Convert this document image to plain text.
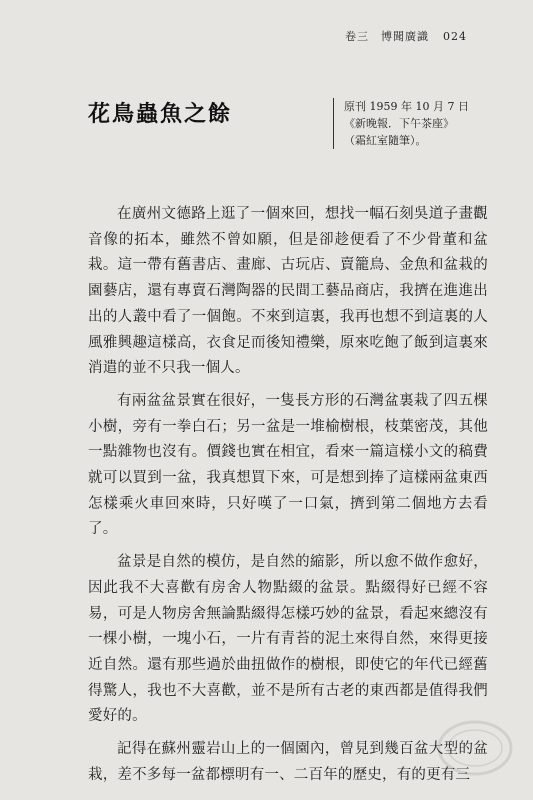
卷三　博聞廣識 024
花鳥蟲魚之餘	原刊 1959 年 10 月 7 日
《新晚報．下午茶座》
（霜紅室隨筆）。

在廣州文德路上逛了一個來回，想找一幅石刻吳道子畫觀音像的拓本，雖然不曾如願，但是卻趁便看了不少骨董和盆栽。這一帶有舊書店、畫廊、古玩店、賣籠鳥、金魚和盆栽的園藝店，還有專賣石灣陶器的民間工藝品商店，我擠在進進出出的人叢中看了一個飽。不來到這裏，我再也想不到這裏的人風雅興趣這樣高，衣食足而後知禮樂，原來吃飽了飯到這裏來消遣的並不只我一個人。

有兩盆盆景實在很好，一隻長方形的石灣盆裏栽了四五棵小樹，旁有一拳白石；另一盆是一堆榆樹根，枝葉密茂，其他一點雜物也沒有。價錢也實在相宜，看來一篇這樣小文的稿費就可以買到一盆，我真想買下來，可是想到捧了這樣兩盆東西怎樣乘火車回來時，只好嘆了一口氣，擠到第二個地方去看了。

盆景是自然的模仿，是自然的縮影，所以愈不做作愈好，因此我不大喜歡有房舍人物點綴的盆景。點綴得好已經不容易，可是人物房舍無論點綴得怎樣巧妙的盆景，看起來總沒有一棵小樹，一塊小石，一片有青苔的泥土來得自然，來得更接近自然。還有那些過於曲扭做作的樹根，即使它的年代已經舊得驚人，我也不大喜歡，並不是所有古老的東西都是值得我們愛好的。

記得在蘇州靈岩山上的一個園內，曾見到幾百盆大型的盆栽，差不多每一盆都標明有一、二百年的歷史，有的更有三
